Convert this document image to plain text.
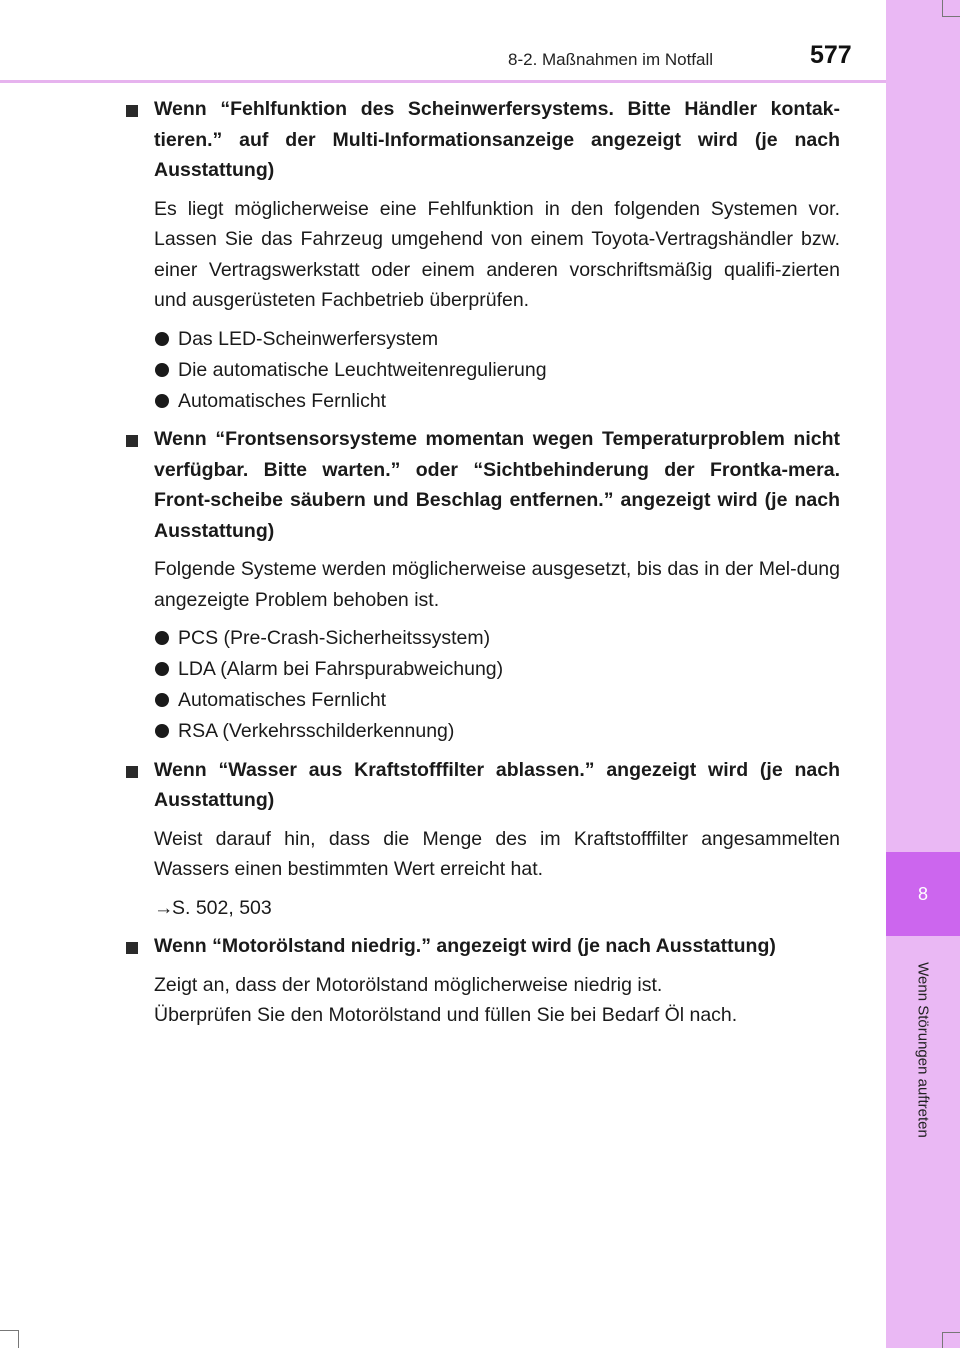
8
Wenn Störungen auftreten
8-2. Maßnahmen im Notfall	577
Wenn “Fehlfunktion des Scheinwerfersystems. Bitte Händler kontak-tieren.” auf der Multi-Informationsanzeige angezeigt wird (je nach Ausstattung)
Es liegt möglicherweise eine Fehlfunktion in den folgenden Systemen vor. Lassen Sie das Fahrzeug umgehend von einem Toyota-Vertragshändler bzw. einer Vertragswerkstatt oder einem anderen vorschriftsmäßig qualifi-zierten und ausgerüsteten Fachbetrieb überprüfen.
Das LED-Scheinwerfersystem
Die automatische Leuchtweitenregulierung
Automatisches Fernlicht
Wenn “Frontsensorsysteme momentan wegen Temperaturproblem nicht verfügbar. Bitte warten.” oder “Sichtbehinderung der Frontka-mera. Front-scheibe säubern und Beschlag entfernen.” angezeigt wird (je nach Ausstattung)
Folgende Systeme werden möglicherweise ausgesetzt, bis das in der Mel-dung angezeigte Problem behoben ist.
PCS (Pre-Crash-Sicherheitssystem)
LDA (Alarm bei Fahrspurabweichung)
Automatisches Fernlicht
RSA (Verkehrsschilderkennung)
Wenn “Wasser aus Kraftstofffilter ablassen.” angezeigt wird (je nach Ausstattung)
Weist darauf hin, dass die Menge des im Kraftstofffilter angesammelten Wassers einen bestimmten Wert erreicht hat.
→S. 502, 503
Wenn “Motorölstand niedrig.” angezeigt wird (je nach Ausstattung)
Zeigt an, dass der Motorölstand möglicherweise niedrig ist.
Überprüfen Sie den Motorölstand und füllen Sie bei Bedarf Öl nach.
